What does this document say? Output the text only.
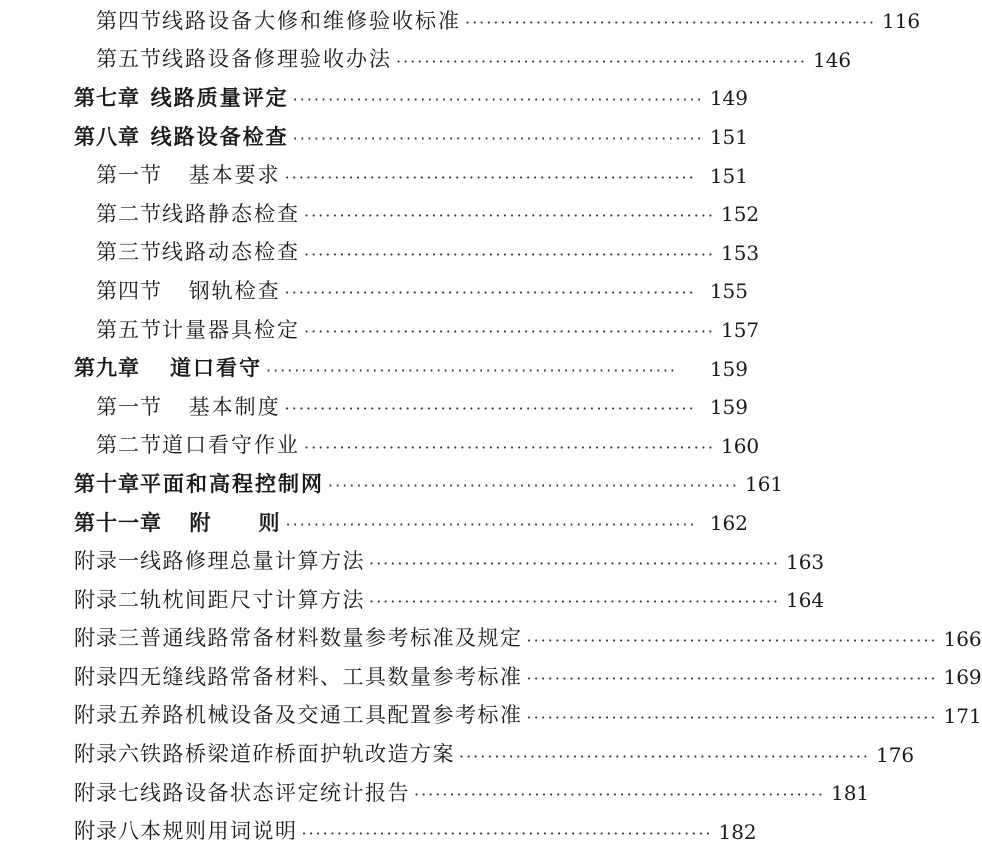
第四节 线路设备大修和维修验收标准 ·························································· 116
第五节 线路设备修理验收办法 ·························································· 146
第七章 线路质量评定 ·························································· 149
第八章 线路设备检查 ·························································· 151
第一节	基本要求 ·························································· 151
第二节 线路静态检查 ·························································· 152
第三节 线路动态检查 ·························································· 153
第四节	钢轨检查 ·························································· 155
第五节 计量器具检定 ·························································· 157
第九章	道口看守 ··························································	159
第一节	基本制度 ·························································· 159
第二节 道口看守作业 ·························································· 160
第十章 平面和高程控制网 ·························································· 161
第十一章	附　　则 ·························································· 162
附录一 线路修理总量计算方法 ·························································· 163
附录二 轨枕间距尺寸计算方法 ·························································· 164
附录三 普通线路常备材料数量参考标准及规定 ·························································· 166
附录四 无缝线路常备材料、工具数量参考标准 ·························································· 169
附录五 养路机械设备及交通工具配置参考标准 ·························································· 171
附录六 铁路桥梁道砟桥面护轨改造方案 ·························································· 176
附录七 线路设备状态评定统计报告 ·························································· 181
附录八 本规则用词说明 ·························································· 182
